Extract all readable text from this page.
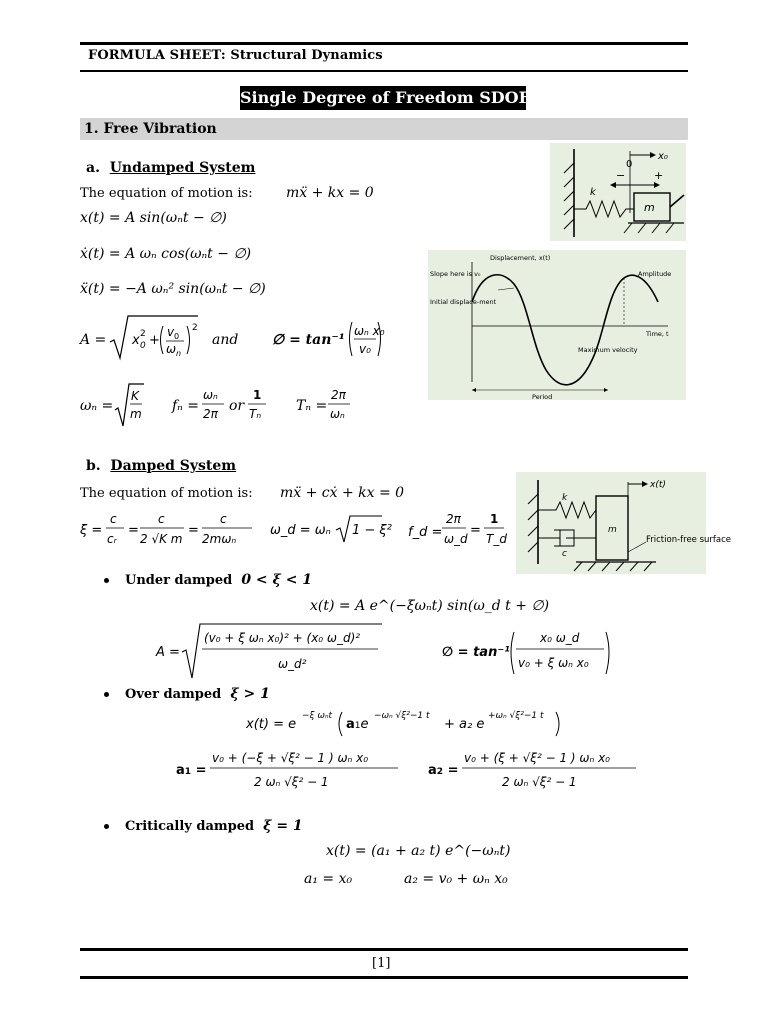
FORMULA SHEET: Structural Dynamics
Single Degree of Freedom SDOF
1. Free Vibration
a. Undamped System
The equation of motion is: mẍ + kx = 0
x(t) = A sin(ωₙt − ∅)
ẋ(t) = A ωₙ cos(ωₙt − ∅)
ẍ(t) = −A ωₙ² sin(ωₙt − ∅)
A = x 0
2 +
v 0
ω n
2
and ∅ = tan⁻¹
ωₙ x₀
v₀
ωₙ =
K
m fₙ =
ωₙ
2π or
1
Tₙ Tₙ =
2π
ωₙ
x₀
0
−	+
k
m
Displacement, x(t)
Slope here is v₀
Initial displace-ment
Amplitude
Time, t
Maximum velocity
Period
b. Damped System
The equation of motion is: mẍ + cẋ + kx = 0
ξ =
c
cᵣ
=
c
2 √K m
=
c
2mωₙ
ω_d = ωₙ 1 − ξ² f_d =
2π
ω_d
=
1
T_d
x(t)
k
m
c
Friction-free surface
Under damped 0 < ξ < 1
x(t) = A e^(−ξωₙt) sin(ω_d t + ∅)
A =
(v₀ + ξ ωₙ x₀)² + (x₀ ω_d)²
ω_d²
∅ = tan⁻¹
x₀ ω_d
v₀ + ξ ωₙ x₀
Over damped ξ > 1
x(t) = e
−ξ ωₙt
a1e
−ωₙ √ξ²−1 t
+ a₂ e
+ωₙ √ξ²−1 t
a1 =
v₀ + (−ξ + √ξ² − 1 ) ωₙ x₀
2 ωₙ √ξ² − 1
a2 =
v₀ + (ξ + √ξ² − 1 ) ωₙ x₀
2 ωₙ √ξ² − 1
Critically damped ξ = 1
x(t) = (a₁ + a₂ t) e^(−ωₙt)
a₁ = x₀	a₂ = v₀ + ωₙ x₀
[1]
